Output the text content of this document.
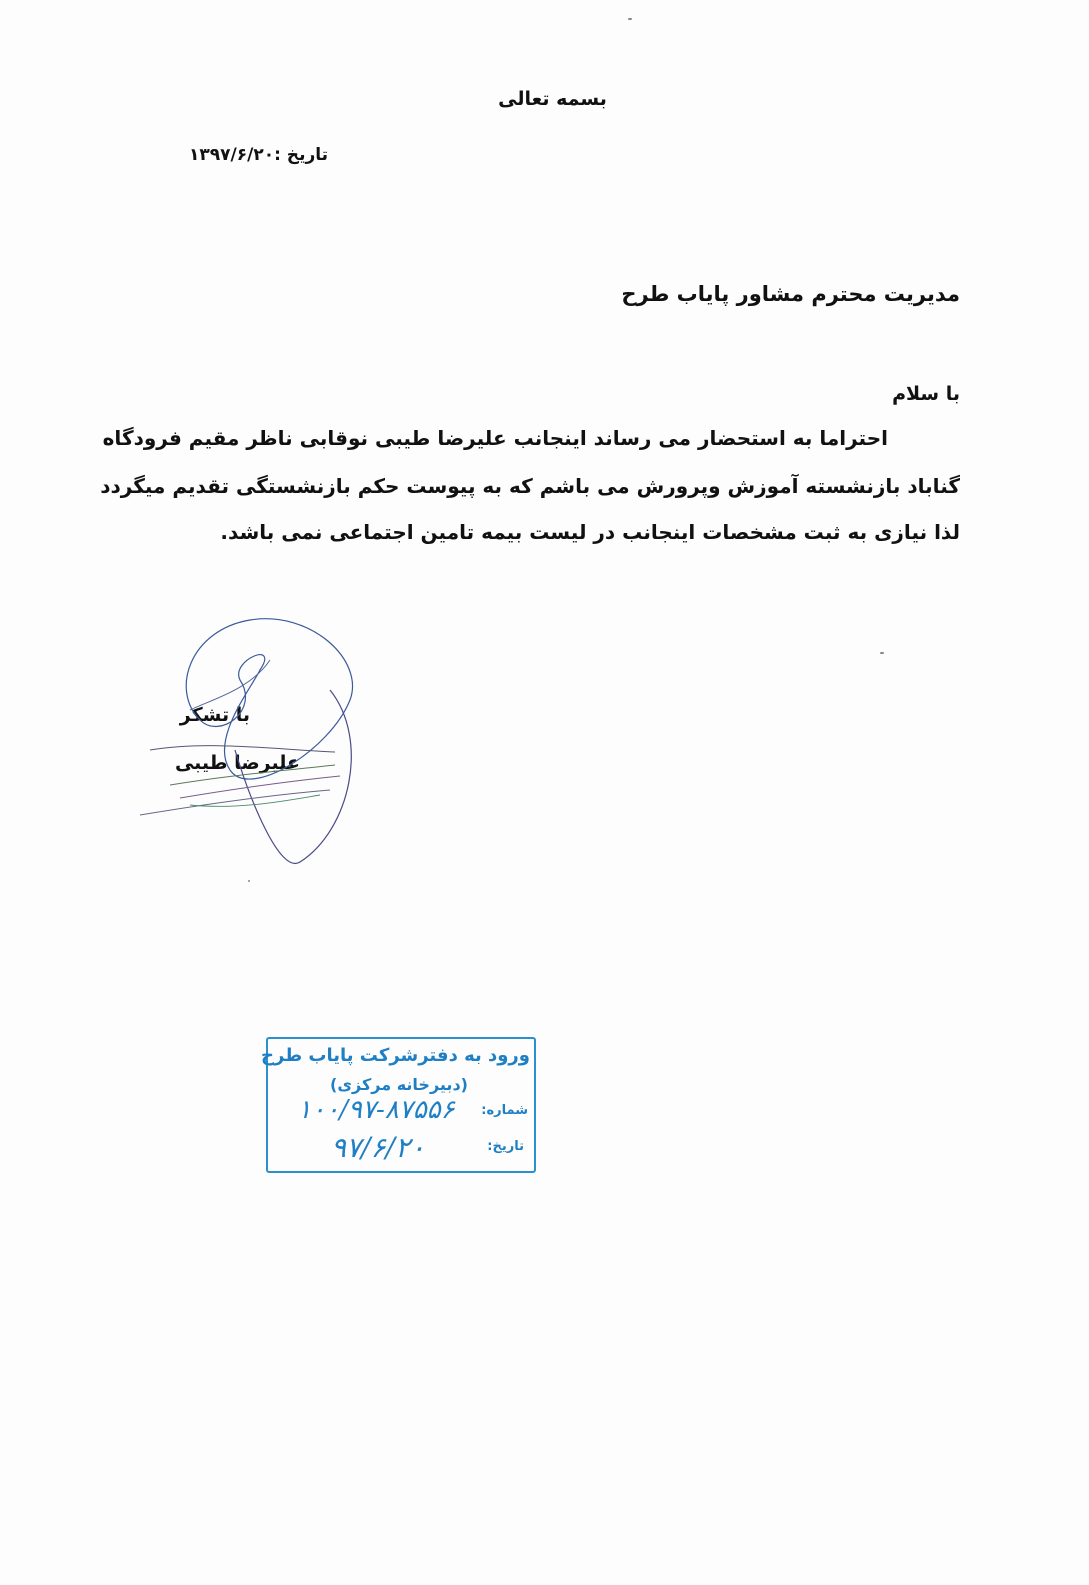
بسمه تعالی
تاریخ :۱۳۹۷/۶/۲۰
مدیریت محترم مشاور پایاب طرح
با سلام
احتراما به استحضار می رساند اینجانب علیرضا طیبی نوقابی ناظر مقیم فرودگاه
گناباد بازنشسته آموزش وپرورش می باشم که به پیوست حکم بازنشستگی تقدیم میگردد
لذا نیازی به ثبت مشخصات اینجانب در لیست بیمه تامین اجتماعی نمی باشد.
با تشکر
علیرضا طیبی
ورود به دفترشرکت پایاب طرح
(دبیرخانه مرکزی)
شماره:
۱۰۰/۹۷-۸۷۵۵۶
تاریخ:
۹۷/۶/۲۰
